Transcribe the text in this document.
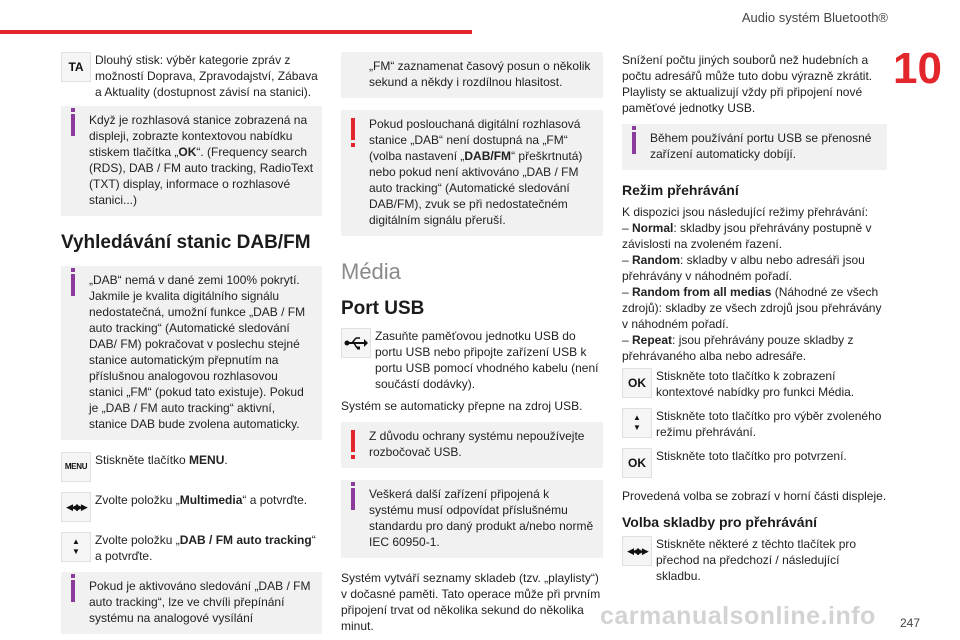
Audio systém Bluetooth®
10
carmanualsonline.info 247
TA Dlouhý stisk: výběr kategorie zpráv z možností Doprava, Zpravodajství, Zábava a Aktuality (dostupnost závisí na stanici).
Když je rozhlasová stanice zobrazená na displeji, zobrazte kontextovou nabídku stiskem tlačítka „OK“. (Frequency search (RDS), DAB / FM auto tracking, RadioText (TXT) display, informace o rozhlasové stanici...)
Vyhledávání stanic DAB/FM
„DAB“ nemá v dané zemi 100% pokrytí. Jakmile je kvalita digitálního signálu nedostatečná, umožní funkce „DAB / FM auto tracking“ (Automatické sledování DAB/ FM) pokračovat v poslechu stejné stanice automatickým přepnutím na příslušnou analogovou rozhlasovou stanici „FM“ (pokud tato existuje). Pokud je „DAB / FM auto tracking“ aktivní, stanice DAB bude zvolena automaticky.
MENU Stiskněte tlačítko MENU.
◀◀▶▶ Zvolte položku „Multimedia“ a potvrďte.
▲
▼
Zvolte položku „DAB / FM auto tracking“ a potvrďte.
Pokud je aktivováno sledování „DAB / FM auto tracking“, lze ve chvíli přepínání systému na analogové vysílání
„FM“ zaznamenat časový posun o několik sekund a někdy i rozdílnou hlasitost.
Pokud poslouchaná digitální rozhlasová stanice „DAB“ není dostupná na „FM“ (volba nastavení „DAB/FM“ přeškrtnutá) nebo pokud není aktivováno „DAB / FM auto tracking“ (Automatické sledování DAB/FM), zvuk se při nedostatečném digitálním signálu přeruší.
Média
Port USB
Zasuňte paměťovou jednotku USB do portu USB nebo připojte zařízení USB k portu USB pomocí vhodného kabelu (není součástí dodávky).
Systém se automaticky přepne na zdroj USB.
Z důvodu ochrany systému nepoužívejte rozbočovač USB.
Veškerá další zařízení připojená k systému musí odpovídat příslušnému standardu pro daný produkt a/nebo normě IEC 60950-1.
Systém vytváří seznamy skladeb (tzv. „playlisty“) v dočasné paměti. Tato operace může při prvním připojení trvat od několika sekund do několika minut.
Snížení počtu jiných souborů než hudebních a počtu adresářů může tuto dobu výrazně zkrátit. Playlisty se aktualizují vždy při připojení nové paměťové jednotky USB.
Během používání portu USB se přenosné zařízení automaticky dobíjí.
Režim přehrávání
K dispozici jsou následující režimy přehrávání:
– Normal: skladby jsou přehrávány postupně v závislosti na zvoleném řazení.
– Random: skladby v albu nebo adresáři jsou přehrávány v náhodném pořadí.
– Random from all medias (Náhodné ze všech zdrojů): skladby ze všech zdrojů jsou přehrávány v náhodném pořadí.
– Repeat: jsou přehrávány pouze skladby z přehrávaného alba nebo adresáře.
OK Stiskněte toto tlačítko k zobrazení kontextové nabídky pro funkci Média.
▲
▼
Stiskněte toto tlačítko pro výběr zvoleného režimu přehrávání.
OK Stiskněte toto tlačítko pro potvrzení.
Provedená volba se zobrazí v horní části displeje.
Volba skladby pro přehrávání
◀◀▶▶ Stiskněte některé z těchto tlačítek pro přechod na předchozí / následující skladbu.
